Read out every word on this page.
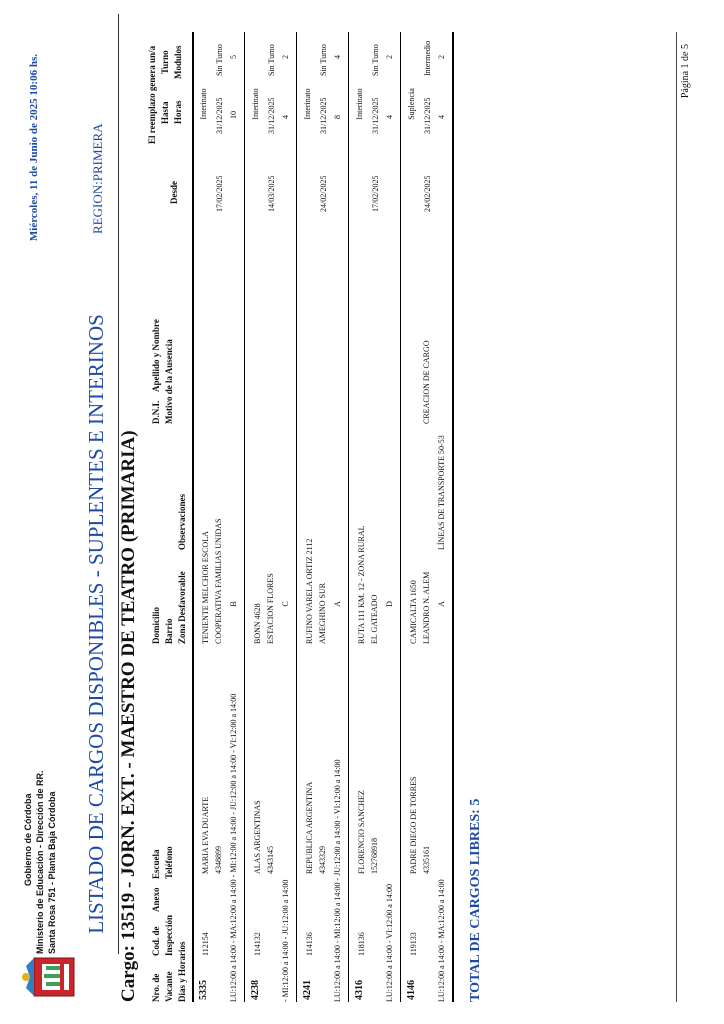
Gobierno de Córdoba Ministerio de Educación - Dirección de RR. Santa Rosa 751 - Planta Baja Córdoba
Miércoles, 11 de Junio de 2025 10:06 hs.
LISTADO DE CARGOS DISPONIBLES - SUPLENTES E INTERINOS
REGION:PRIMERA
Cargo: 13519 - JORN. EXT. - MAESTRO DE TEATRO (PRIMARIA) Nro. de Vacante Dias y Horarios
Cod. de Inspección
Anexo
Escuela Teléfono
Domicilio Barrio Zona Desfavorable
Observaciones
D.N.I.
Apellido y Nombre Motivo de la Ausencia
Desde
El reemplazo genera un/a Hasta
Turno
Horas
Modulos
5335
112154
MARIA EVA DUARTE 4348899 LU:12:00 a 14:00 - MA:12:00 a 14:00 - MI:12:00 a 14:00 - JU:12:00 a 14:00 - VI:12:00 a 14:00
TENIENTE MELCHOR ESCOLA COOPERATIVA FAMILIAS UNIDAS B
Interinato
17/02/2025
31/12/2025
Sin Turno
10
5
4238
114132
ALAS ARGENTINAS 4343145
- MI:12:00 a 14:00 - JU:12:00 a 14:00
BONN 4628 ESTACION FLORES C
Interinato
14/03/2025
31/12/2025
Sin Turno
4
2
4241
114136
REPUBLICA ARGENTINA 4343329 LU:12:00 a 14:00 - MI:12:00 a 14:00 - JU:12:00 a 14:00 - VI:12:00 a 14:00
RUFINO VARELA ORTIZ 2112 AMEGHINO SUR A
Interinato
24/02/2025
31/12/2025
Sin Turno
8
4
4316
118136
FLORENCIO SANCHEZ 152768918
LU:12:00 a 14:00 - VI:12:00 a 14:00
RUTA 111 KM. 12 - ZONA RURAL EL GATEADO D
Interinato
17/02/2025
31/12/2025
Sin Turno
4
2
4146
119133
PADRE DIEGO DE TORRES 4335161
LU:12:00 a 14:00 - MA:12:00 a 14:00
CAMICALTA 1650 LEANDRO N. ALEM A
LÍNEAS DE TRANSPORTE 50-53
CREACION DE CARGO
Suplencia
24/02/2025
31/12/2025
Intermedio
4
2
TOTAL DE CARGOS LIBRES: 5
Página 1 de 5
